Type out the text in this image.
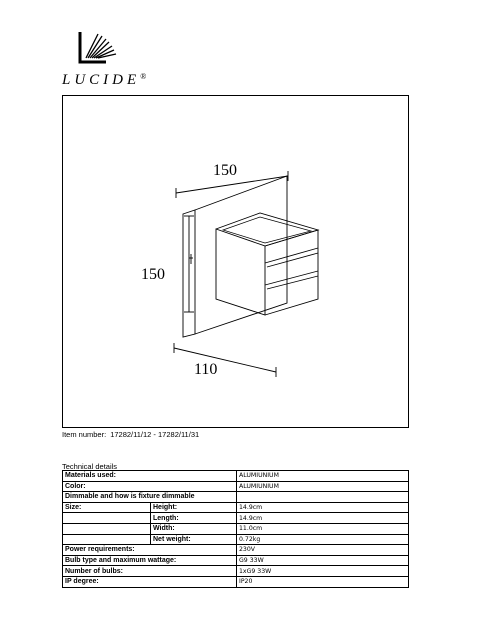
LUCIDE®
150
150
110
Item number: 17282/11/12 - 17282/11/31
Technical details
Materials used:		ALUMIUNIUM
Color:		ALUMIUNIUM
Dimmable and how is fixture dimmable		
Size:	Height:	14.9cm
	Length:	14.9cm
	Width:	11.0cm
	Net weight:	0.72kg
Power requirements:		230V
Bulb type and maximum wattage:		G9 33W
Number of bulbs:		1xG9 33W
IP degree:		IP20
